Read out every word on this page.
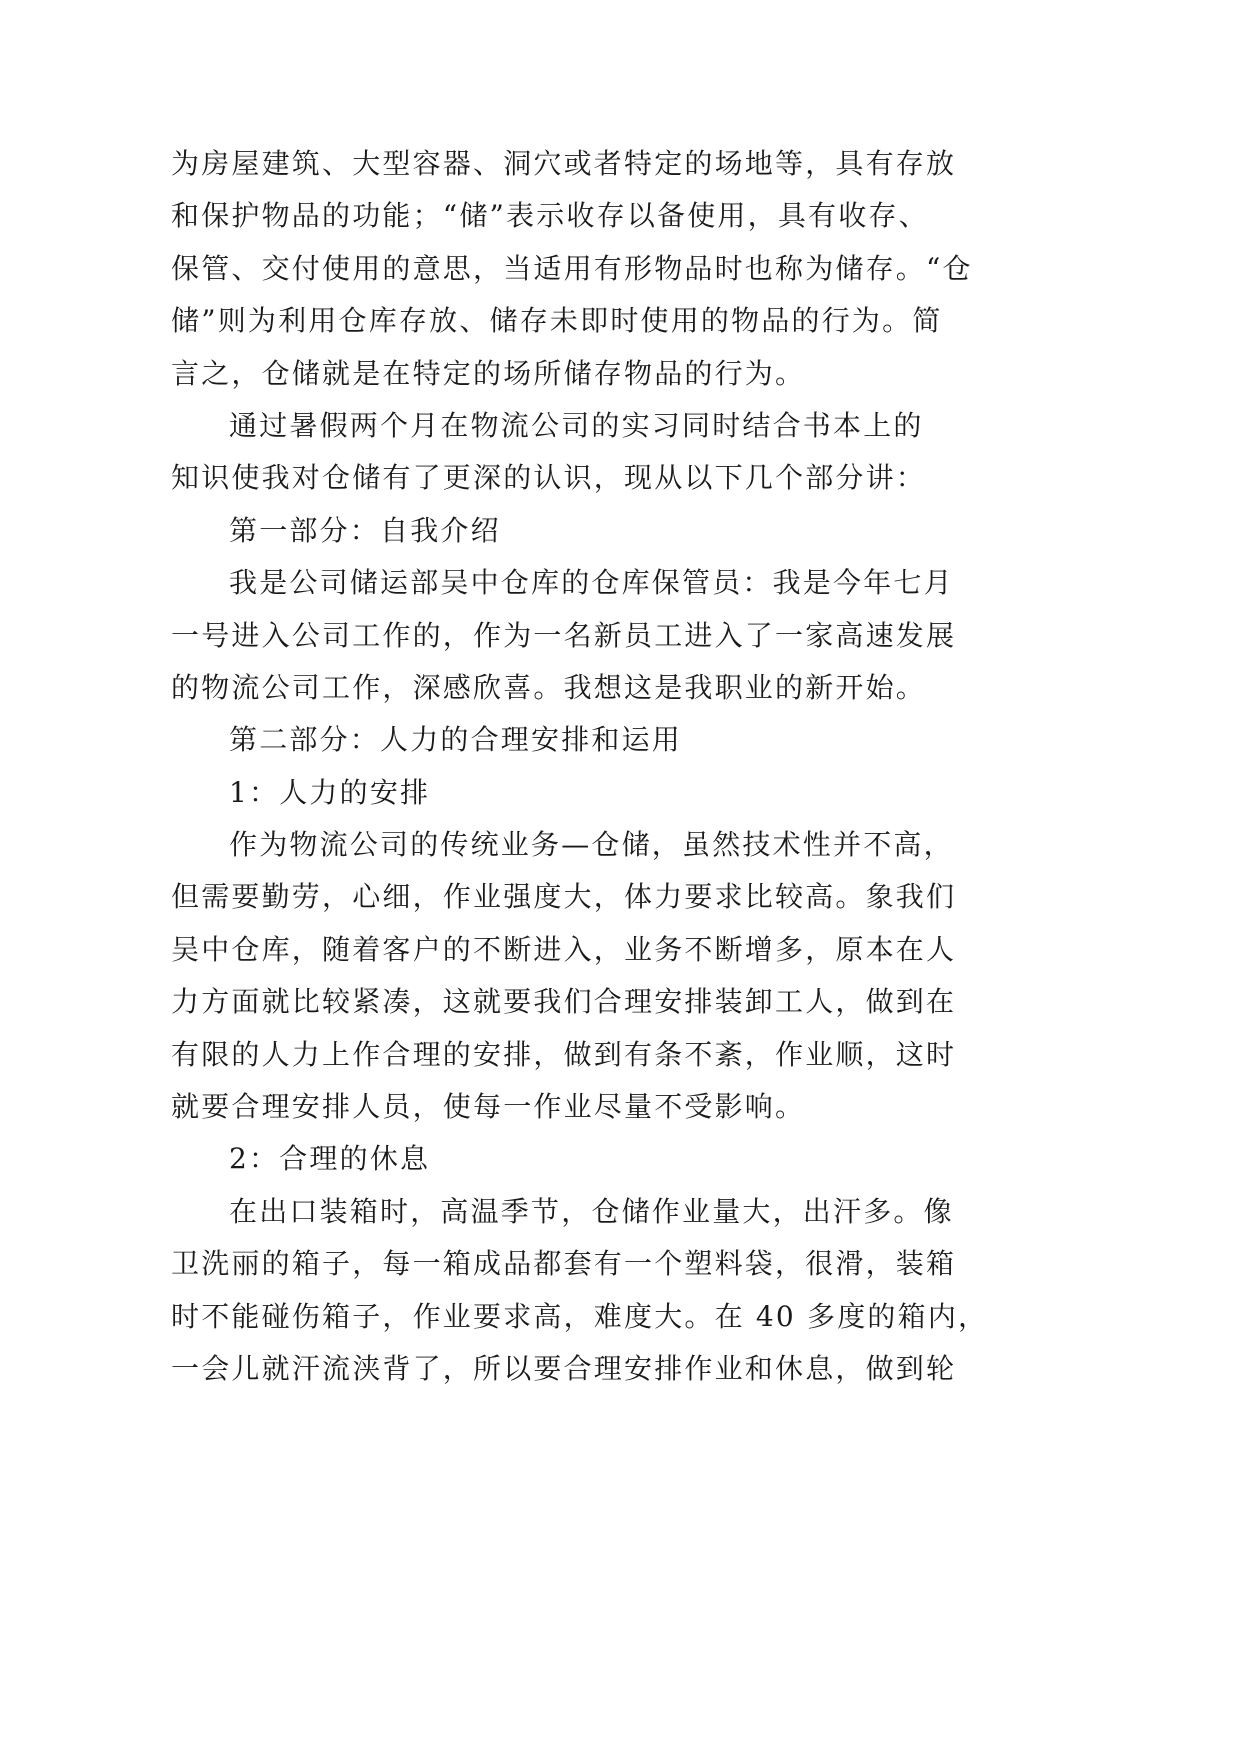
为房屋建筑、大型容器、洞穴或者特定的场地等，具有存放
和保护物品的功能；“储”表示收存以备使用，具有收存、
保管、交付使用的意思，当适用有形物品时也称为储存。“仓
储”则为利用仓库存放、储存未即时使用的物品的行为。简
言之，仓储就是在特定的场所储存物品的行为。
通过暑假两个月在物流公司的实习同时结合书本上的
知识使我对仓储有了更深的认识，现从以下几个部分讲：
第一部分：自我介绍
我是公司储运部吴中仓库的仓库保管员：我是今年七月
一号进入公司工作的，作为一名新员工进入了一家高速发展
的物流公司工作，深感欣喜。我想这是我职业的新开始。
第二部分：人力的合理安排和运用
1：人力的安排
作为物流公司的传统业务—仓储，虽然技术性并不高，
但需要勤劳，心细，作业强度大，体力要求比较高。象我们
吴中仓库，随着客户的不断进入，业务不断增多，原本在人
力方面就比较紧凑，这就要我们合理安排装卸工人，做到在
有限的人力上作合理的安排，做到有条不紊，作业顺，这时
就要合理安排人员，使每一作业尽量不受影响。
2：合理的休息
在出口装箱时，高温季节，仓储作业量大，出汗多。像
卫洗丽的箱子，每一箱成品都套有一个塑料袋，很滑，装箱
时不能碰伤箱子，作业要求高，难度大。在 40 多度的箱内，
一会儿就汗流浃背了，所以要合理安排作业和休息，做到轮
